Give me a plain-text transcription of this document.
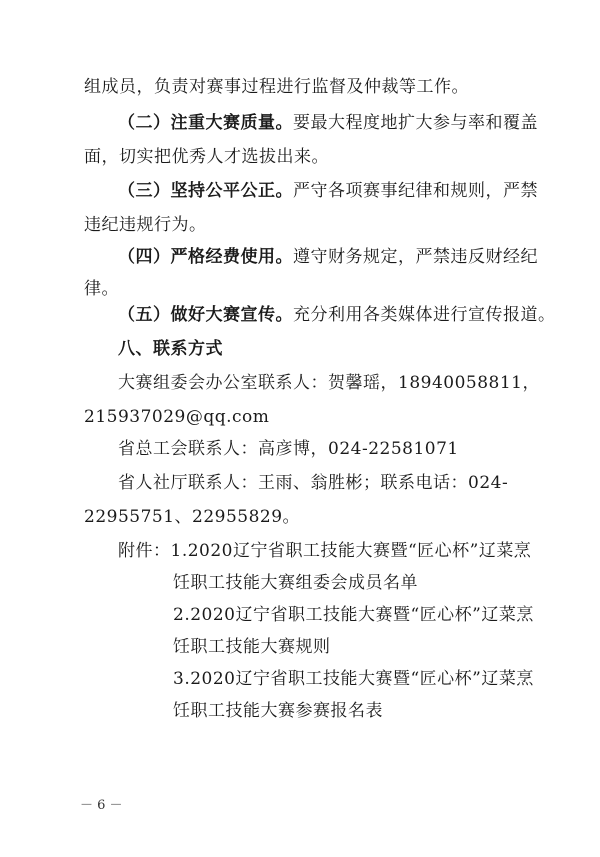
组成员，负责对赛事过程进行监督及仲裁等工作。
（二）注重大赛质量。要最大程度地扩大参与率和覆盖
面，切实把优秀人才选拔出来。
（三）坚持公平公正。严守各项赛事纪律和规则，严禁
违纪违规行为。
（四）严格经费使用。遵守财务规定，严禁违反财经纪
律。
（五）做好大赛宣传。充分利用各类媒体进行宣传报道。
八、联系方式
大赛组委会办公室联系人：贺馨瑶，18940058811，
215937029@qq.com
省总工会联系人：高彦博，024-22581071
省人社厅联系人：王雨、翁胜彬；联系电话：024-
22955751、22955829。
附件：1.2020辽宁省职工技能大赛暨“匠心杯”辽菜烹
饪职工技能大赛组委会成员名单
2.2020辽宁省职工技能大赛暨“匠心杯”辽菜烹
饪职工技能大赛规则
3.2020辽宁省职工技能大赛暨“匠心杯”辽菜烹
饪职工技能大赛参赛报名表
－ 6 －
